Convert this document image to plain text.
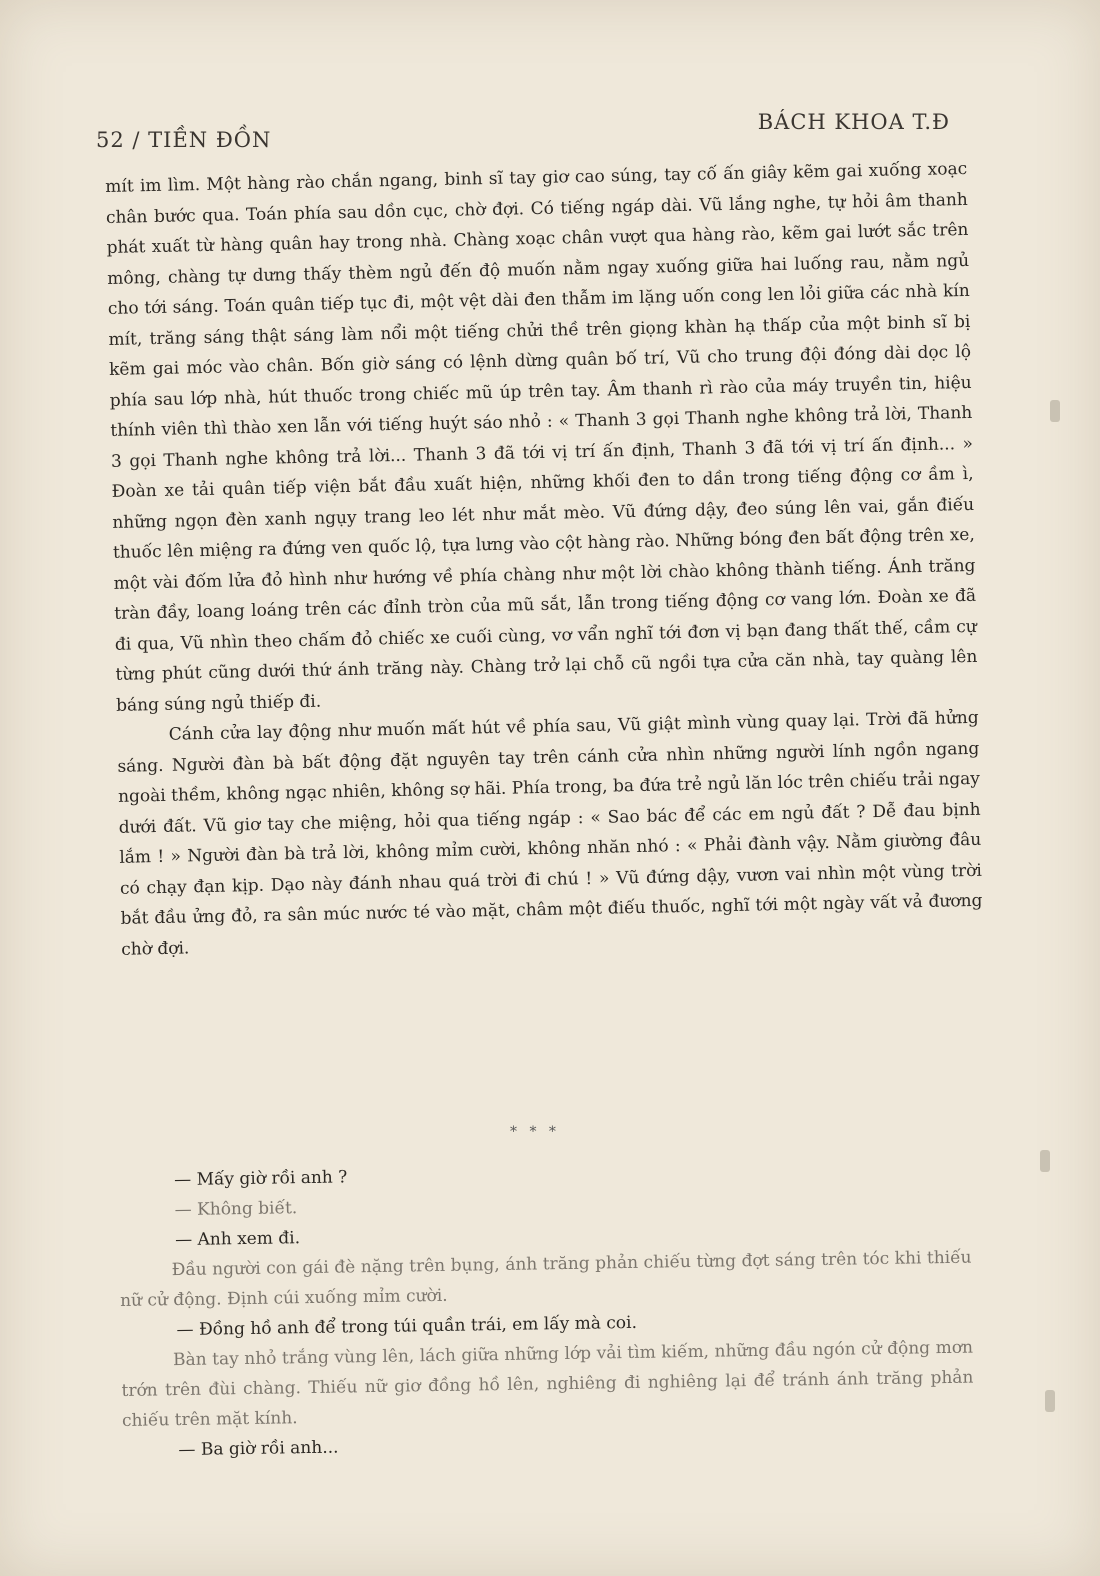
52 / TIỀN ĐỒN
BÁCH KHOA T.Đ

mít im lìm. Một hàng rào chắn ngang, binh sĩ tay giơ cao súng, tay cố ấn giây kẽm gai xuống xoạc chân bước qua. Toán phía sau dồn cục, chờ đợi. Có tiếng ngáp dài. Vũ lắng nghe, tự hỏi âm thanh phát xuất từ hàng quân hay trong nhà. Chàng xoạc chân vượt qua hàng rào, kẽm gai lướt sắc trên mông, chàng tự dưng thấy thèm ngủ đến độ muốn nằm ngay xuống giữa hai luống rau, nằm ngủ cho tới sáng. Toán quân tiếp tục đi, một vệt dài đen thẫm im lặng uốn cong len lỏi giữa các nhà kín mít, trăng sáng thật sáng làm nổi một tiếng chửi thề trên giọng khàn hạ thấp của một binh sĩ bị kẽm gai móc vào chân. Bốn giờ sáng có lệnh dừng quân bố trí, Vũ cho trung đội đóng dài dọc lộ phía sau lớp nhà, hút thuốc trong chiếc mũ úp trên tay. Âm thanh rì rào của máy truyền tin, hiệu thính viên thì thào xen lẫn với tiếng huýt sáo nhỏ : « Thanh 3 gọi Thanh nghe không trả lời, Thanh 3 gọi Thanh nghe không trả lời... Thanh 3 đã tới vị trí ấn định, Thanh 3 đã tới vị trí ấn định... » Đoàn xe tải quân tiếp viện bắt đầu xuất hiện, những khối đen to dần trong tiếng động cơ ầm ì, những ngọn đèn xanh ngụy trang leo lét như mắt mèo. Vũ đứng dậy, đeo súng lên vai, gắn điếu thuốc lên miệng ra đứng ven quốc lộ, tựa lưng vào cột hàng rào. Những bóng đen bất động trên xe, một vài đốm lửa đỏ hình như hướng về phía chàng như một lời chào không thành tiếng. Ánh trăng tràn đầy, loang loáng trên các đỉnh tròn của mũ sắt, lẫn trong tiếng động cơ vang lớn. Đoàn xe đã đi qua, Vũ nhìn theo chấm đỏ chiếc xe cuối cùng, vơ vẩn nghĩ tới đơn vị bạn đang thất thế, cầm cự từng phút cũng dưới thứ ánh trăng này. Chàng trở lại chỗ cũ ngồi tựa cửa căn nhà, tay quàng lên báng súng ngủ thiếp đi.

Cánh cửa lay động như muốn mất hút về phía sau, Vũ giật mình vùng quay lại. Trời đã hửng sáng. Người đàn bà bất động đặt nguyên tay trên cánh cửa nhìn những người lính ngồn ngang ngoài thềm, không ngạc nhiên, không sợ hãi. Phía trong, ba đứa trẻ ngủ lăn lóc trên chiếu trải ngay dưới đất. Vũ giơ tay che miệng, hỏi qua tiếng ngáp : « Sao bác để các em ngủ đất ? Dễ đau bịnh lắm ! » Người đàn bà trả lời, không mỉm cười, không nhăn nhó : « Phải đành vậy. Nằm giường đâu có chạy đạn kịp. Dạo này đánh nhau quá trời đi chú ! » Vũ đứng dậy, vươn vai nhìn một vùng trời bắt đầu ửng đỏ, ra sân múc nước té vào mặt, châm một điếu thuốc, nghĩ tới một ngày vất vả đương chờ đợi.

* * *

— Mấy giờ rồi anh ?

— Không biết.

— Anh xem đi.

Đầu người con gái đè nặng trên bụng, ánh trăng phản chiếu từng đợt sáng trên tóc khi thiếu nữ cử động. Định cúi xuống mỉm cười.

— Đồng hồ anh để trong túi quần trái, em lấy mà coi.

Bàn tay nhỏ trắng vùng lên, lách giữa những lớp vải tìm kiếm, những đầu ngón cử động mơn trớn trên đùi chàng. Thiếu nữ giơ đồng hồ lên, nghiêng đi nghiêng lại để tránh ánh trăng phản chiếu trên mặt kính.

— Ba giờ rồi anh...
